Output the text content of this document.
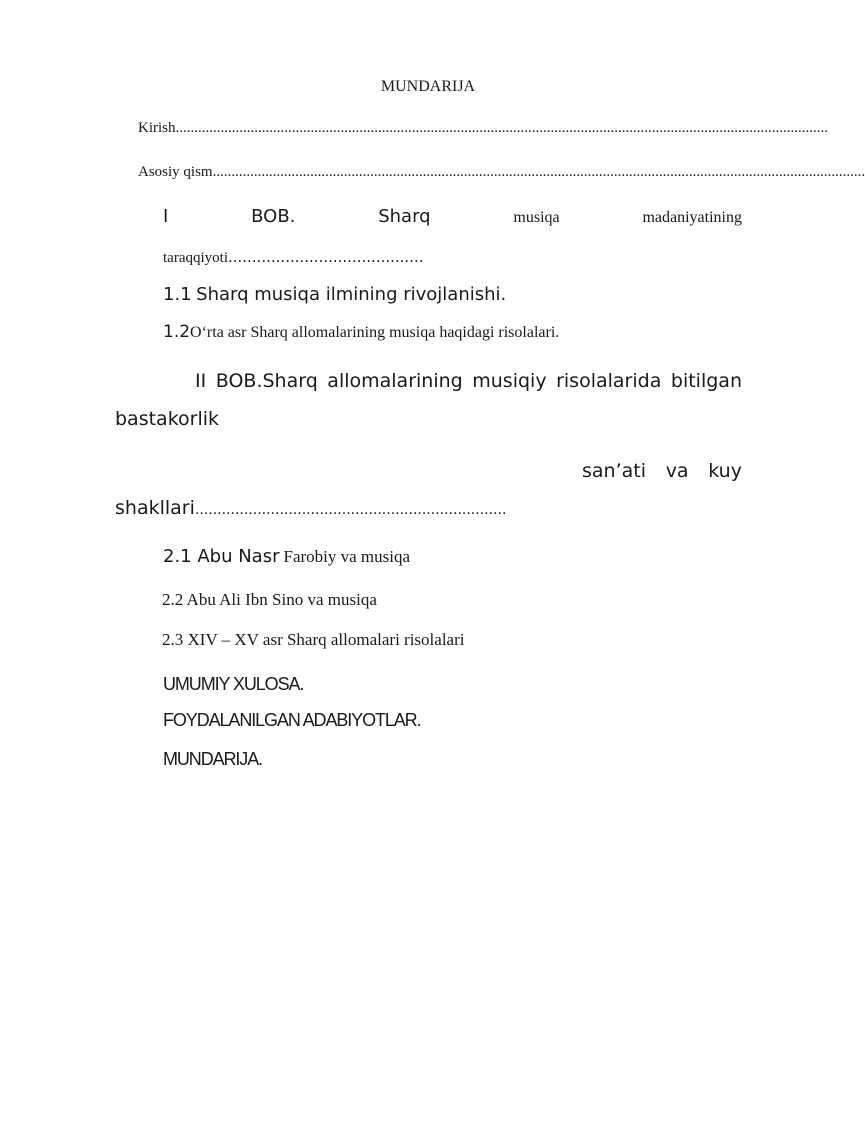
MUNDARIJA
Kirish ..............................................................................................................................................................................
Asosiy qism ..............................................................................................................................................................................
I	BOB.	Sharq	musiqa	madaniyatining
taraqqiyoti.........................................
1.1 Sharq musiqa ilmining rivojlanishi.
1.2 O‘rta asr Sharq allomalarining musiqa haqidagi risolalari.
II BOB.Sharq allomalarining musiqiy risolalarida bitilgan
bastakorlik
san’ati va kuy
shakllari......................................................................
2.1 Abu Nasr Farobiy va musiqa
2.2 Abu Ali Ibn Sino va musiqa
2.3 XIV – XV asr Sharq allomalari risolalari
UMUMIY XULOSA.
FOYDALANILGAN ADABIYOTLAR.
MUNDARIJA.
